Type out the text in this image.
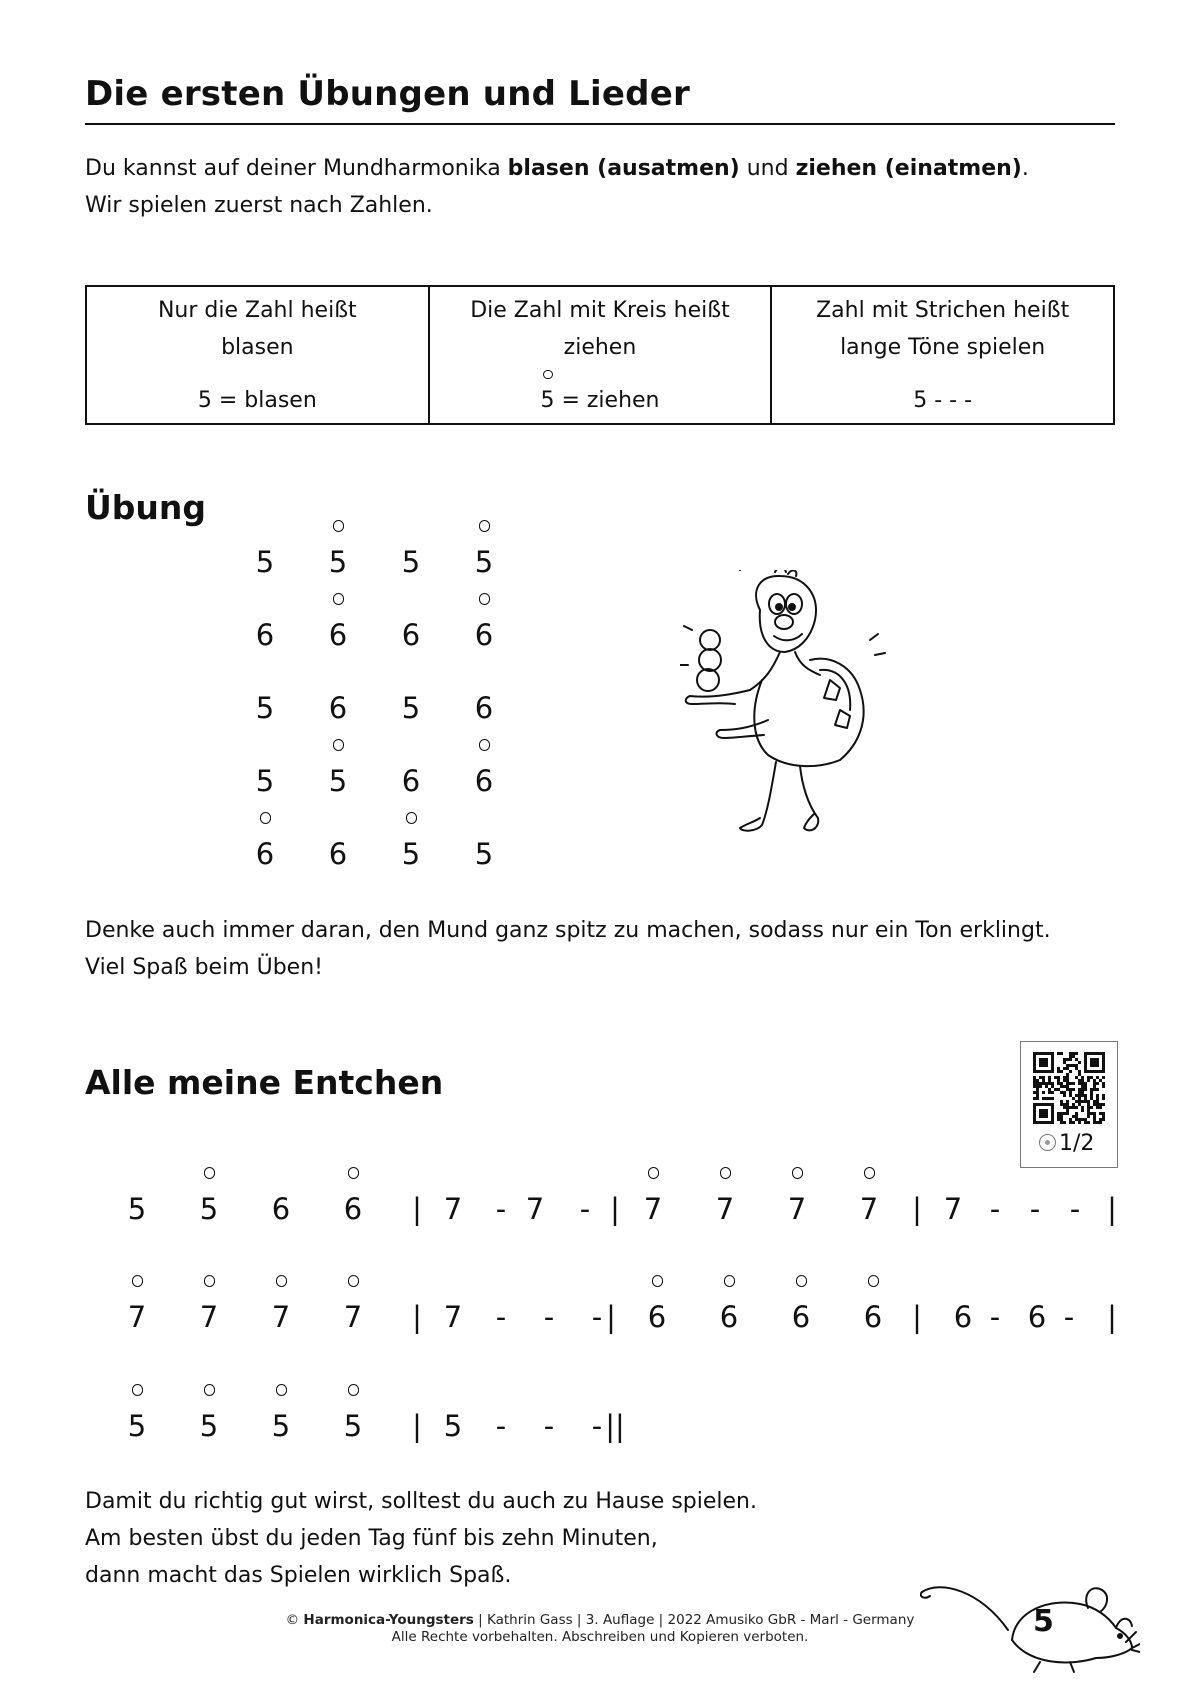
Die ersten Übungen und Lieder
Du kannst auf deiner Mundharmonika blasen (ausatmen) und ziehen (einatmen).
Wir spielen zuerst nach Zahlen.
Nur die Zahl heißt
blasen
5 = blasen

Die Zahl mit Kreis heißt
ziehen
5 = ziehen

Zahl mit Strichen heißt
lange Töne spielen
5 - - -
Übung
5	5	5	5
6	6	6	6
5	6	5	6
5	5	6	6
6	6	5	5
Denke auch immer daran, den Mund ganz spitz zu machen, sodass nur ein Ton erklingt.
Viel Spaß beim Üben!
Alle meine Entchen
1/2
5	5	6	6	| 7	- 7	- | 7	7	7	7	| 7 -	-	- |
7	7	7	7	| 7	-	-	- |	6	6	6	6	|	6 - 6 -	|
5	5	5	5	| 5	-	-	- ||
Damit du richtig gut wirst, solltest du auch zu Hause spielen.
Am besten übst du jeden Tag fünf bis zehn Minuten,
dann macht das Spielen wirklich Spaß.
© Harmonica-Youngsters | Kathrin Gass | 3. Auflage | 2022 Amusiko GbR - Marl - Germany
Alle Rechte vorbehalten. Abschreiben und Kopieren verboten.	5
